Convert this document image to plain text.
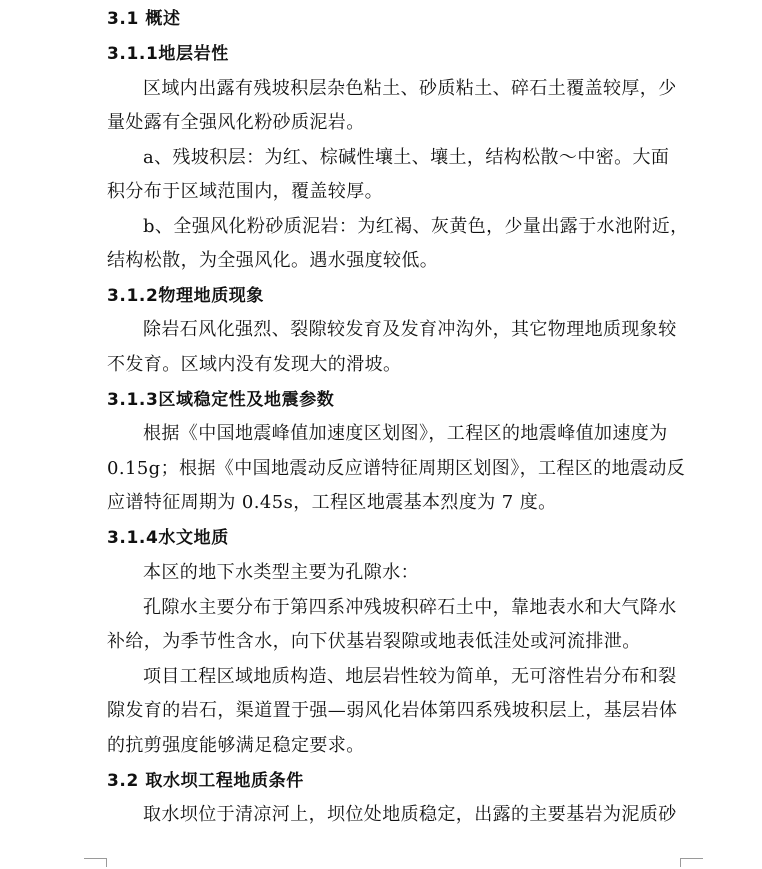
3.1 概述
3.1.1地层岩性
区域内出露有残坡积层杂色粘土、砂质粘土、碎石土覆盖较厚，少
量处露有全强风化粉砂质泥岩。
a、残坡积层：为红、棕碱性壤土、壤土，结构松散～中密。大面
积分布于区域范围内，覆盖较厚。
b、全强风化粉砂质泥岩：为红褐、灰黄色，少量出露于水池附近，
结构松散，为全强风化。遇水强度较低。
3.1.2物理地质现象
除岩石风化强烈、裂隙较发育及发育冲沟外，其它物理地质现象较
不发育。区域内没有发现大的滑坡。
3.1.3区域稳定性及地震参数
根据《中国地震峰值加速度区划图》，工程区的地震峰值加速度为
0.15g；根据《中国地震动反应谱特征周期区划图》，工程区的地震动反
应谱特征周期为 0.45s，工程区地震基本烈度为 7 度。
3.1.4水文地质
本区的地下水类型主要为孔隙水：
孔隙水主要分布于第四系冲残坡积碎石土中，靠地表水和大气降水
补给，为季节性含水，向下伏基岩裂隙或地表低洼处或河流排泄。
项目工程区域地质构造、地层岩性较为简单，无可溶性岩分布和裂
隙发育的岩石，渠道置于强—弱风化岩体第四系残坡积层上，基层岩体
的抗剪强度能够满足稳定要求。
3.2 取水坝工程地质条件
取水坝位于清凉河上，坝位处地质稳定，出露的主要基岩为泥质砂
